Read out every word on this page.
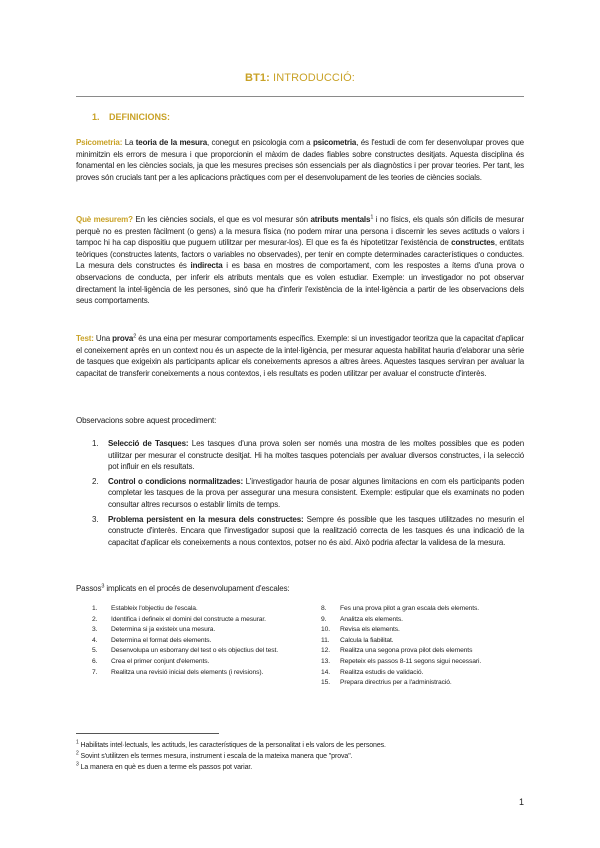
BT1: INTRODUCCIÓ:
1. DEFINICIONS:

Psicometria: La teoria de la mesura, conegut en psicologia com a psicometria, és l'estudi de com fer desenvolupar proves que minimitzin els errors de mesura i que proporcionin el màxim de dades fiables sobre constructes desitjats. Aquesta disciplina és fonamental en les ciències socials, ja que les mesures precises són essencials per als diagnòstics i per provar teories. Per tant, les proves són crucials tant per a les aplicacions pràctiques com per el desenvolupament de les teories de ciències socials.

Què mesurem? En les ciències socials, el que es vol mesurar són atributs mentals$^1$ i no físics, els quals són difícils de mesurar perquè no es presten fàcilment (o gens) a la mesura física (no podem mirar una persona i discernir les seves actituds o valors i tampoc hi ha cap dispositiu que puguem utilitzar per mesurar-los). El que es fa és hipotetitzar l'existència de constructes, entitats teòriques (constructes latents, factors o variables no observades), per tenir en compte determinades característiques o conductes. La mesura dels constructes és indirecta i es basa en mostres de comportament, com les respostes a ítems d'una prova o observacions de conducta, per inferir els atributs mentals que es volen estudiar. Exemple: un investigador no pot observar directament la intel·ligència de les persones, sinó que ha d'inferir l'existència de la intel·ligència a partir de les observacions dels seus comportaments.

Test: Una prova$^2$ és una eina per mesurar comportaments específics. Exemple: si un investigador teoritza que la capacitat d'aplicar el coneixement après en un context nou és un aspecte de la intel·ligència, per mesurar aquesta habilitat hauria d'elaborar una sèrie de tasques que exigeixin als participants aplicar els coneixements apresos a altres àrees. Aquestes tasques serviran per avaluar la capacitat de transferir coneixements a nous contextos, i els resultats es poden utilitzar per avaluar el constructe d'interès.

Observacions sobre aquest procediment:

1. Selecció de Tasques: Les tasques d'una prova solen ser només una mostra de les moltes possibles que es poden utilitzar per mesurar el constructe desitjat. Hi ha moltes tasques potencials per avaluar diversos constructes, i la selecció pot influir en els resultats.
2. Control o condicions normalitzades: L'investigador hauria de posar algunes limitacions en com els participants poden completar les tasques de la prova per assegurar una mesura consistent. Exemple: estipular que els examinats no poden consultar altres recursos o establir límits de temps.
3. Problema persistent en la mesura dels constructes: Sempre és possible que les tasques utilitzades no mesurin el constructe d'interès. Encara que l'investigador suposi que la realització correcta de les tasques és una indicació de la capacitat d'aplicar els coneixements a nous contextos, potser no és així. Això podria afectar la validesa de la mesura.

Passos$^3$ implicats en el procés de desenvolupament d'escales:

1. Estableix l'objectiu de l'escala.
2. Identifica i defineix el domini del constructe a mesurar.
3. Determina si ja existeix una mesura.
4. Determina el format dels elements.
5. Desenvolupa un esborrany del test o els objectius del test.
6. Crea el primer conjunt d'elements.
7. Realitza una revisió inicial dels elements (i revisions).
8. Fes una prova pilot a gran escala dels elements.
9. Analitza els elements.
10. Revisa els elements.
11. Calcula la fiabilitat.
12. Realitza una segona prova pilot dels elements
13. Repeteix els passos 8-11 segons sigui necessari.
14. Realitza estudis de validació.
15. Prepara directrius per a l'administració.
$^1$ Habilitats intel·lectuals, les actituds, les característiques de la personalitat i els valors de les persones.
$^2$ Sovint s'utilitzen els termes mesura, instrument i escala de la mateixa manera que "prova".
$^3$ La manera en què es duen a terme els passos pot variar.
1
